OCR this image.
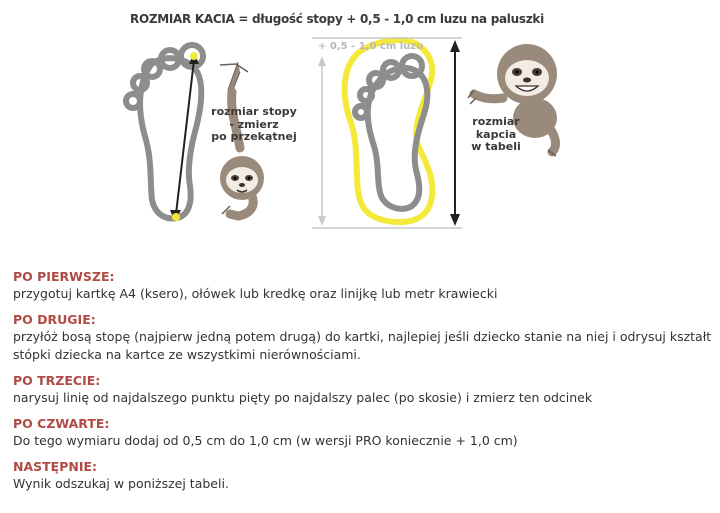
ROZMIAR KACIA = długość stopy + 0,5 - 1,0 cm luzu na paluszki
+ 0,5 - 1,0 cm luzu
rozmiar stopy
- zmierz
po przekątnej
rozmiar
kapcia
w tabeli
PO PIERWSZE:
przygotuj kartkę A4 (ksero), ołówek lub kredkę oraz linijkę lub metr krawiecki
PO DRUGIE:
przyłóż bosą stopę (najpierw jedną potem drugą) do kartki, najlepiej jeśli dziecko stanie na niej i odrysuj kształt stópki dziecka na kartce ze wszystkimi nierównościami.
PO TRZECIE:
narysuj linię od najdalszego punktu pięty po najdalszy palec (po skosie) i zmierz ten odcinek
PO CZWARTE:
Do tego wymiaru dodaj od 0,5 cm do 1,0 cm (w wersji PRO koniecznie + 1,0 cm)
NASTĘPNIE:
Wynik odszukaj w poniższej tabeli.
